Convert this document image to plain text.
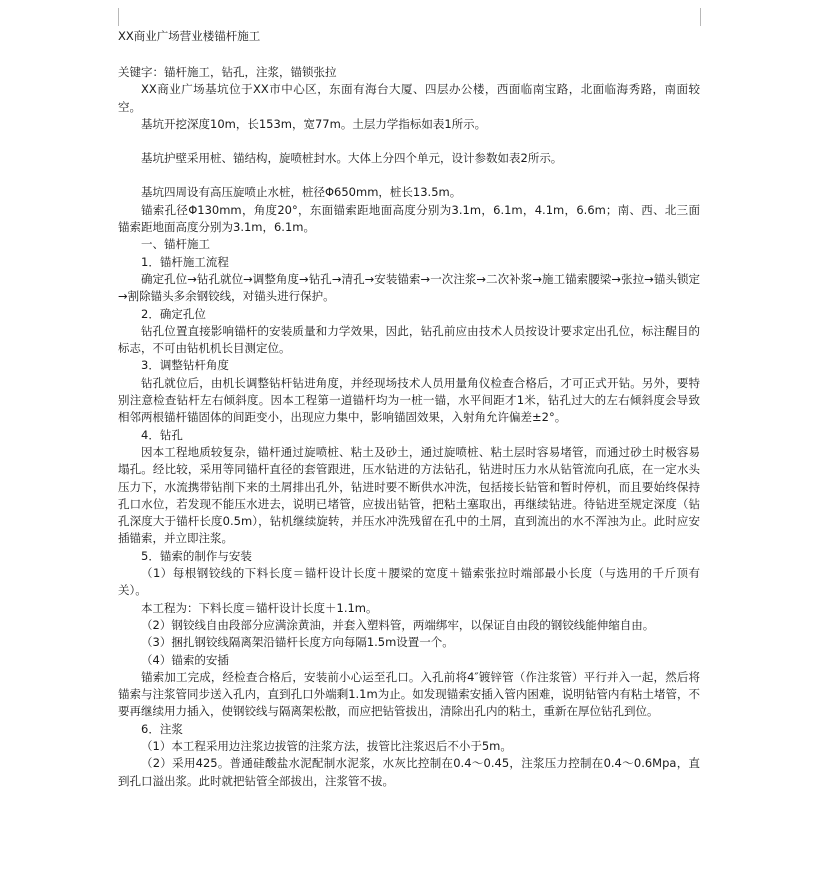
XX商业广场营业楼锚杆施工

关键字：锚杆施工，钻孔，注浆，锚锁张拉

XX商业广场基坑位于XX市中心区，东面有海台大厦、四层办公楼，西面临南宝路，北面临海秀路，南面较空。

基坑开挖深度10m，长153m，宽77m。土层力学指标如表1所示。

基坑护壁采用桩、锚结构，旋喷桩封水。大体上分四个单元，设计参数如表2所示。

基坑四周设有高压旋喷止水桩，桩径Φ650mm，桩长13.5m。

锚索孔径Φ130mm，角度20°，东面锚索距地面高度分别为3.1m，6.1m，4.1m，6.6m；南、西、北三面锚索距地面高度分别为3.1m，6.1m。

一、锚杆施工

1．锚杆施工流程

确定孔位→钻孔就位→调整角度→钻孔→清孔→安装锚索→一次注浆→二次补浆→施工锚索腰梁→张拉→锚头锁定→割除锚头多余钢铰线，对锚头进行保护。

2．确定孔位

钻孔位置直接影响锚杆的安装质量和力学效果，因此，钻孔前应由技术人员按设计要求定出孔位，标注醒目的标志，不可由钻机机长目测定位。

3．调整钻杆角度

钻孔就位后，由机长调整钻杆钻进角度，并经现场技术人员用量角仪检查合格后，才可正式开钻。另外，要特别注意检查钻杆左右倾斜度。因本工程第一道锚杆均为一桩一锚，水平间距才1米，钻孔过大的左右倾斜度会导致相邻两根锚杆锚固体的间距变小，出现应力集中，影响锚固效果，入射角允许偏差±2°。

4．钻孔

因本工程地质较复杂，锚杆通过旋喷桩、粘土及砂土，通过旋喷桩、粘土层时容易堵管，而通过砂土时极容易塌孔。经比较，采用等同锚杆直径的套管跟进，压水钻进的方法钻孔，钻进时压力水从钻管流向孔底，在一定水头压力下，水流携带钻削下来的土屑排出孔外，钻进时要不断供水冲洗，包括接长钻管和暂时停机，而且要始终保持孔口水位，若发现不能压水进去，说明已堵管，应拔出钻管，把粘土塞取出，再继续钻进。待钻进至规定深度（钻孔深度大于锚杆长度0.5m），钻机继续旋转，并压水冲洗残留在孔中的土屑，直到流出的水不浑浊为止。此时应安插锚索，并立即注浆。

5．锚索的制作与安装

（1）每根钢铰线的下料长度＝锚杆设计长度＋腰梁的宽度＋锚索张拉时端部最小长度（与选用的千斤顶有关）。

本工程为：下料长度＝锚杆设计长度＋1.1m。

（2）钢铰线自由段部分应满涂黄油，并套入塑料管，两端绑牢，以保证自由段的钢铰线能伸缩自由。

（3）捆扎钢铰线隔离架沿锚杆长度方向每隔1.5m设置一个。

（4）锚索的安插

锚索加工完成，经检查合格后，安装前小心运至孔口。入孔前将4″镀锌管（作注浆管）平行并入一起，然后将锚索与注浆管同步送入孔内，直到孔口外端剩1.1m为止。如发现锚索安插入管内困难，说明钻管内有粘土堵管，不要再继续用力插入，使钢铰线与隔离架松散，而应把钻管拔出，清除出孔内的粘土，重新在厚位钻孔到位。

6．注浆

（1）本工程采用边注浆边拔管的注浆方法，拔管比注浆迟后不小于5m。

（2）采用425。普通硅酸盐水泥配制水泥浆，水灰比控制在0.4～0.45，注浆压力控制在0.4～0.6Mpa，直到孔口溢出浆。此时就把钻管全部拔出，注浆管不拔。
